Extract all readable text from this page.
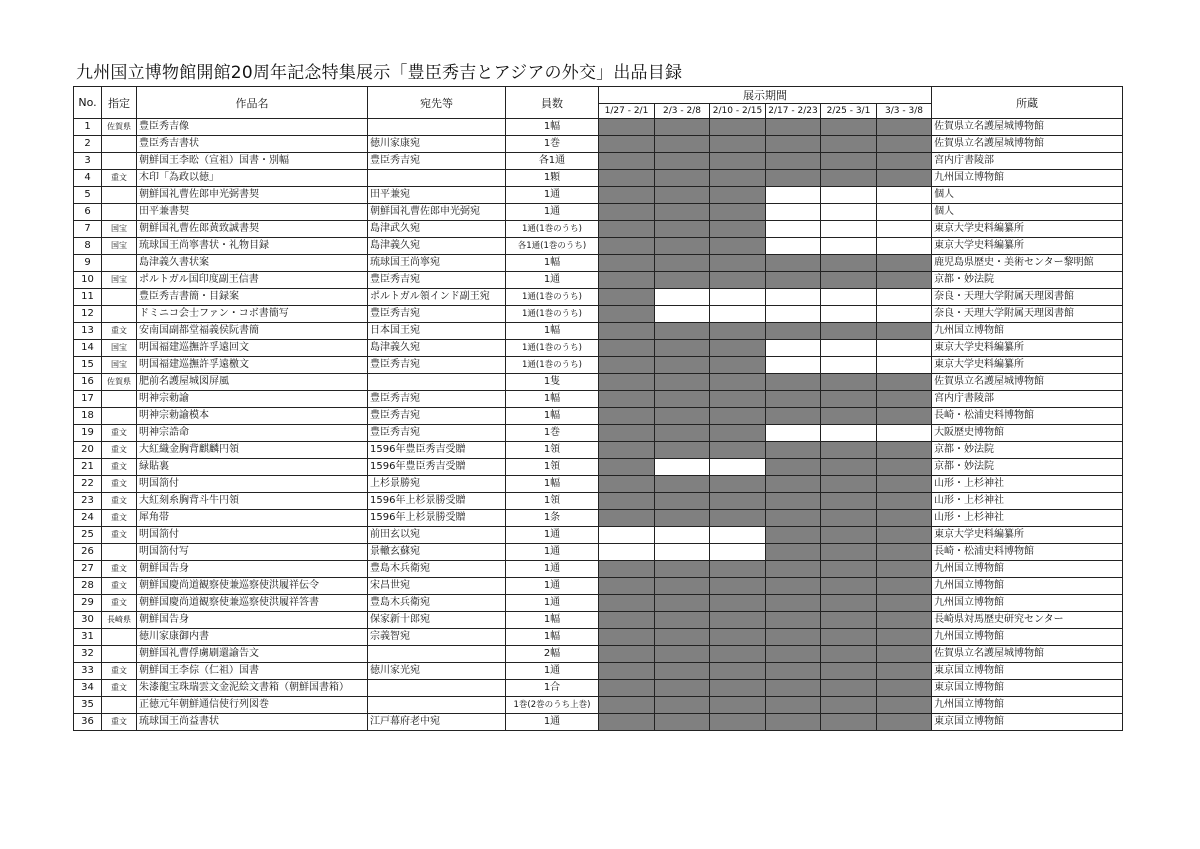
九州国立博物館開館20周年記念特集展示「豊臣秀吉とアジアの外交」出品目録
No.	指定	作品名	宛先等	員数	展示期間						所蔵
					1/27 - 2/1	2/3 - 2/8	2/10 - 2/15	2/17 - 2/23	2/25 - 3/1	3/3 - 3/8	
1	佐賀県	豊臣秀吉像		1幅							佐賀県立名護屋城博物館
2		豊臣秀吉書状	徳川家康宛	1巻							佐賀県立名護屋城博物館
3		朝鮮国王李昖（宣祖）国書・別幅	豊臣秀吉宛	各1通							宮内庁書陵部
4	重文	木印「為政以徳」		1顆							九州国立博物館
5		朝鮮国礼曹佐郎申光弼書契	田平兼宛	1通							個人
6		田平兼書契	朝鮮国礼曹佐郎申光弼宛	1通							個人
7	国宝	朝鮮国礼曹佐郎黄致誠書契	島津武久宛	1通(1巻のうち)							東京大学史料編纂所
8	国宝	琉球国王尚寧書状・礼物目録	島津義久宛	各1通(1巻のうち)							東京大学史料編纂所
9		島津義久書状案	琉球国王尚寧宛	1幅							鹿児島県歴史・美術センター黎明館
10	国宝	ポルトガル国印度副王信書	豊臣秀吉宛	1通							京都・妙法院
11		豊臣秀吉書簡・目録案	ポルトガル領インド副王宛	1通(1巻のうち)							奈良・天理大学附属天理図書館
12		ドミニコ会士ファン・コボ書簡写	豊臣秀吉宛	1通(1巻のうち)							奈良・天理大学附属天理図書館
13	重文	安南国副都堂福義侯阮書簡	日本国王宛	1幅							九州国立博物館
14	国宝	明国福建巡撫許孚遠回文	島津義久宛	1通(1巻のうち)							東京大学史料編纂所
15	国宝	明国福建巡撫許孚遠檄文	豊臣秀吉宛	1通(1巻のうち)							東京大学史料編纂所
16	佐賀県	肥前名護屋城図屏風		1隻							佐賀県立名護屋城博物館
17		明神宗勅諭	豊臣秀吉宛	1幅							宮内庁書陵部
18		明神宗勅諭模本	豊臣秀吉宛	1幅							長崎・松浦史料博物館
19	重文	明神宗誥命	豊臣秀吉宛	1巻							大阪歴史博物館
20	重文	大紅織金胸背麒麟円領	1596年豊臣秀吉受贈	1領							京都・妙法院
21	重文	緑貼裏	1596年豊臣秀吉受贈	1領							京都・妙法院
22	重文	明国箚付	上杉景勝宛	1幅							山形・上杉神社
23	重文	大紅刻糸胸背斗牛円領	1596年上杉景勝受贈	1領							山形・上杉神社
24	重文	犀角帯	1596年上杉景勝受贈	1条							山形・上杉神社
25	重文	明国箚付	前田玄以宛	1通							東京大学史料編纂所
26		明国箚付写	景轍玄蘇宛	1通							長崎・松浦史料博物館
27	重文	朝鮮国告身	豊島木兵衛宛	1通							九州国立博物館
28	重文	朝鮮国慶尚道観察使兼巡察使洪履祥伝令	宋昌世宛	1通							九州国立博物館
29	重文	朝鮮国慶尚道観察使兼巡察使洪履祥答書	豊島木兵衛宛	1通							九州国立博物館
30	長崎県	朝鮮国告身	保家新十郎宛	1幅							長崎県対馬歴史研究センター
31		徳川家康御内書	宗義智宛	1幅							九州国立博物館
32		朝鮮国礼曹俘虜刷還諭告文		2幅							佐賀県立名護屋城博物館
33	重文	朝鮮国王李倧（仁祖）国書	徳川家光宛	1通							東京国立博物館
34	重文	朱漆龍宝珠瑞雲文金泥絵文書箱（朝鮮国書箱）		1合							東京国立博物館
35		正徳元年朝鮮通信使行列図巻		1巻(2巻のうち上巻)							九州国立博物館
36	重文	琉球国王尚益書状	江戸幕府老中宛	1通							東京国立博物館
